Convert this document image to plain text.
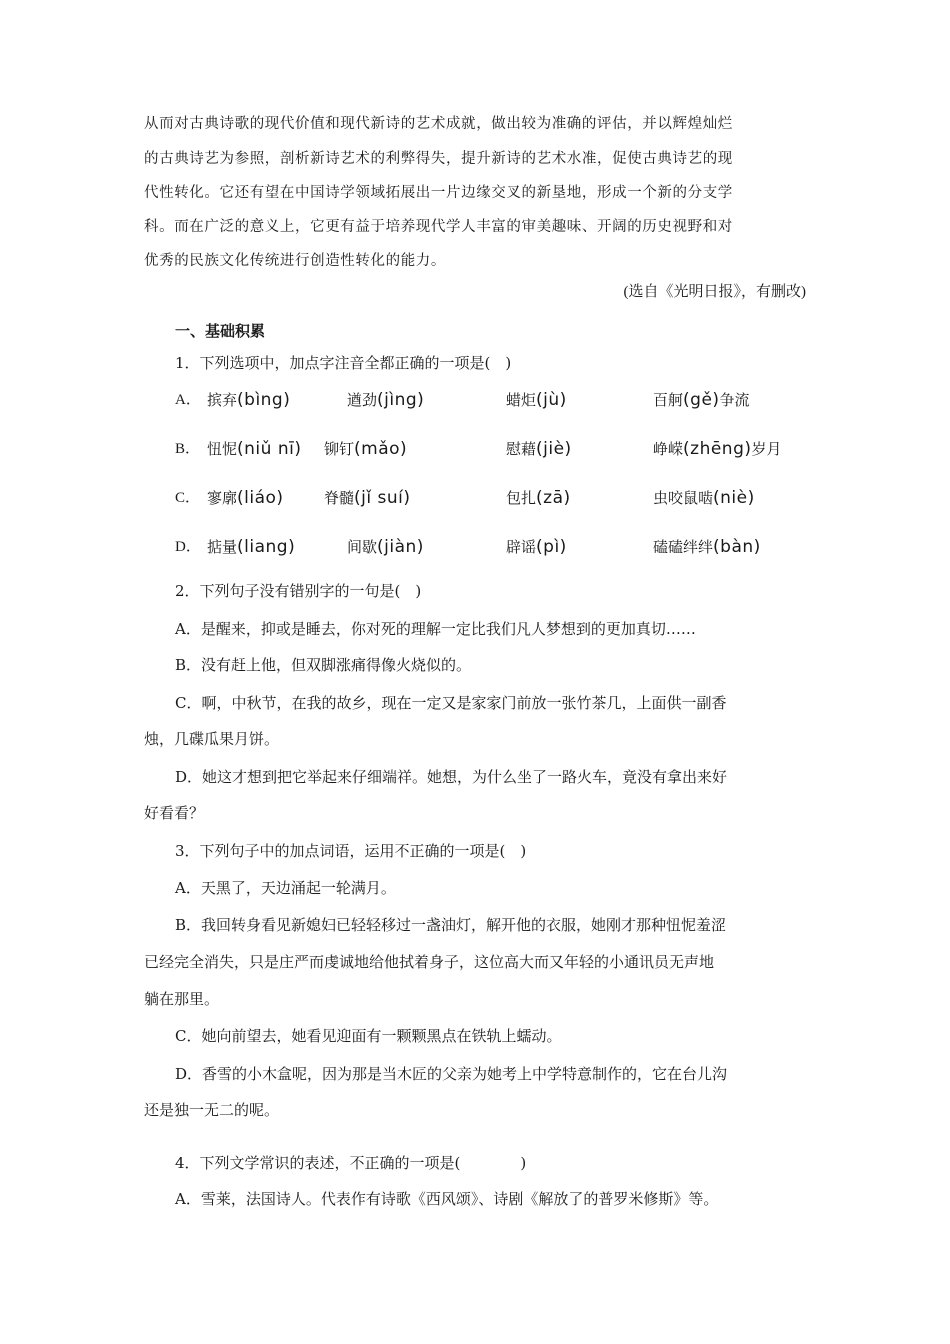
从而对古典诗歌的现代价值和现代新诗的艺术成就，做出较为准确的评估，并以辉煌灿烂
的古典诗艺为参照，剖析新诗艺术的利弊得失，提升新诗的艺术水准，促使古典诗艺的现
代性转化。它还有望在中国诗学领域拓展出一片边缘交叉的新垦地，形成一个新的分支学
科。而在广泛的意义上，它更有益于培养现代学人丰富的审美趣味、开阔的历史视野和对
优秀的民族文化传统进行创造性转化的能力。
(选自《光明日报》，有删改)
一、基础积累
1．下列选项中，加点字注音全都正确的一项是(　)
A． 摈弃(bìng)	遒劲(jìng)	蜡炬(jù)	百舸(gě)争流
B． 忸怩(niǔ nī) 铆钉(mǎo)	慰藉(jiè)	峥嵘(zhēng)岁月
C． 寥廓(liáo)	脊髓(jǐ suí)	包扎(zā)	虫咬鼠啮(niè)
D． 掂量(liang)	间歇(jiàn)	辟谣(pì)	磕磕绊绊(bàn)
2．下列句子没有错别字的一句是(　)
A．是醒来，抑或是睡去，你对死的理解一定比我们凡人梦想到的更加真切……
B．没有赶上他，但双脚涨痛得像火烧似的。
C．啊，中秋节，在我的故乡，现在一定又是家家门前放一张竹茶几，上面供一副香
烛，几碟瓜果月饼。
D．她这才想到把它举起来仔细端祥。她想，为什么坐了一路火车，竟没有拿出来好
好看看？
3．下列句子中的加点词语，运用不正确的一项是(　)
A．天黑了，天边涌起一轮满月。
B．我回转身看见新媳妇已轻轻移过一盏油灯，解开他的衣服，她刚才那种忸怩羞涩
已经完全消失，只是庄严而虔诚地给他拭着身子，这位高大而又年轻的小通讯员无声地
躺在那里。
C．她向前望去，她看见迎面有一颗颗黑点在铁轨上蠕动。
D．香雪的小木盒呢，因为那是当木匠的父亲为她考上中学特意制作的，它在台儿沟
还是独一无二的呢。
4．下列文学常识的表述，不正确的一项是(　　　　)
A．雪莱，法国诗人。代表作有诗歌《西风颂》、诗剧《解放了的普罗米修斯》等。
